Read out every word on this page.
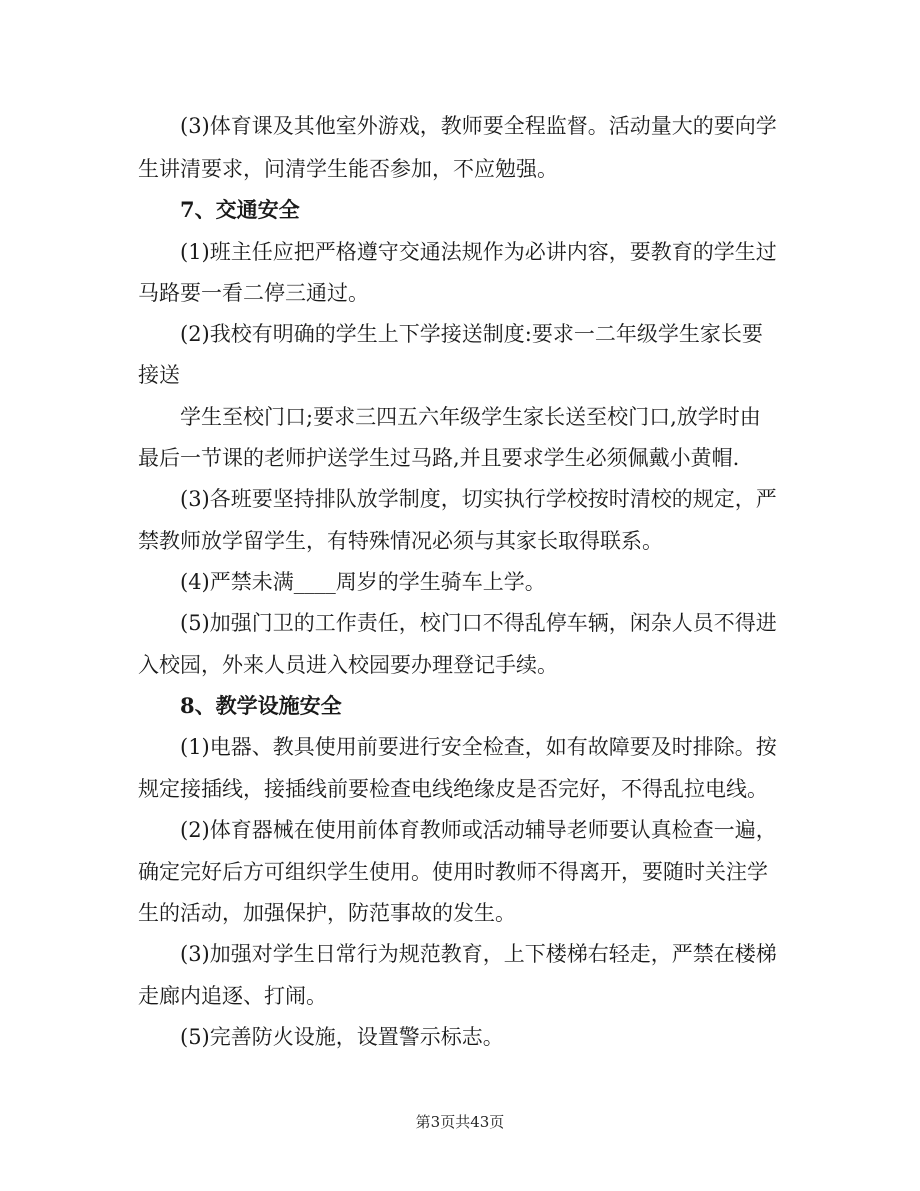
(3)体育课及其他室外游戏，教师要全程监督。活动量大的要向学
生讲清要求，问清学生能否参加，不应勉强。
7、交通安全
(1)班主任应把严格遵守交通法规作为必讲内容，要教育的学生过
马路要一看二停三通过。
(2)我校有明确的学生上下学接送制度:要求一二年级学生家长要
接送
学生至校门口;要求三四五六年级学生家长送至校门口,放学时由
最后一节课的老师护送学生过马路,并且要求学生必须佩戴小黄帽.
(3)各班要坚持排队放学制度，切实执行学校按时清校的规定，严
禁教师放学留学生，有特殊情况必须与其家长取得联系。
(4)严禁未满____周岁的学生骑车上学。
(5)加强门卫的工作责任，校门口不得乱停车辆，闲杂人员不得进
入校园，外来人员进入校园要办理登记手续。
8、教学设施安全
(1)电器、教具使用前要进行安全检查，如有故障要及时排除。按
规定接插线，接插线前要检查电线绝缘皮是否完好，不得乱拉电线。
(2)体育器械在使用前体育教师或活动辅导老师要认真检查一遍，
确定完好后方可组织学生使用。使用时教师不得离开，要随时关注学
生的活动，加强保护，防范事故的发生。
(3)加强对学生日常行为规范教育，上下楼梯右轻走，严禁在楼梯
走廊内追逐、打闹。
(5)完善防火设施，设置警示标志。
第3页共43页
